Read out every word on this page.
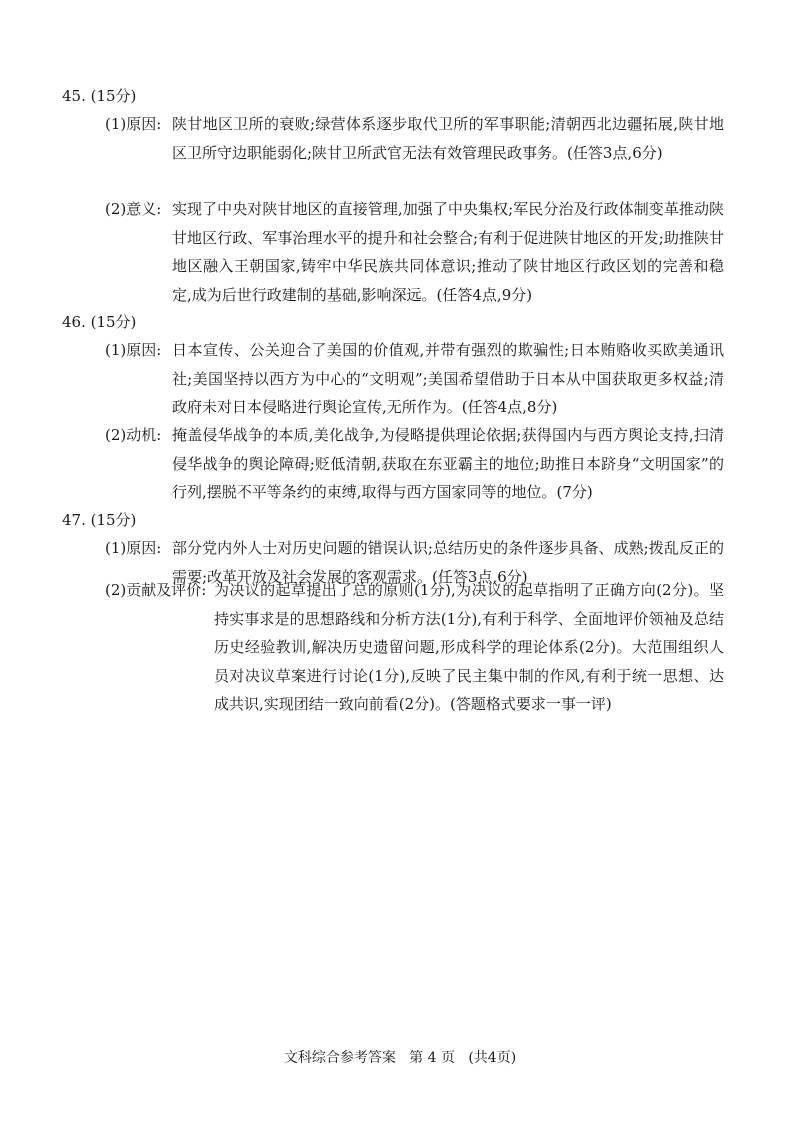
45. (15分)
(1)原因: 陕甘地区卫所的衰败;绿营体系逐步取代卫所的军事职能;清朝西北边疆拓展,陕甘地区卫所守边职能弱化;陕甘卫所武官无法有效管理民政事务。(任答3点,6分)
(2)意义: 实现了中央对陕甘地区的直接管理,加强了中央集权;军民分治及行政体制变革推动陕甘地区行政、军事治理水平的提升和社会整合;有利于促进陕甘地区的开发;助推陕甘地区融入王朝国家,铸牢中华民族共同体意识;推动了陕甘地区行政区划的完善和稳定,成为后世行政建制的基础,影响深远。(任答4点,9分)
46. (15分)
(1)原因: 日本宣传、公关迎合了美国的价值观,并带有强烈的欺骗性;日本贿赂收买欧美通讯社;美国坚持以西方为中心的“文明观”;美国希望借助于日本从中国获取更多权益;清政府未对日本侵略进行舆论宣传,无所作为。(任答4点,8分)
(2)动机: 掩盖侵华战争的本质,美化战争,为侵略提供理论依据;获得国内与西方舆论支持,扫清侵华战争的舆论障碍;贬低清朝,获取在东亚霸主的地位;助推日本跻身“文明国家”的行列,摆脱不平等条约的束缚,取得与西方国家同等的地位。(7分)
47. (15分)
(1)原因: 部分党内外人士对历史问题的错误认识;总结历史的条件逐步具备、成熟;拨乱反正的需要;改革开放及社会发展的客观需求。(任答3点,6分)
(2)贡献及评价: 为决议的起草提出了总的原则(1分),为决议的起草指明了正确方向(2分)。坚持实事求是的思想路线和分析方法(1分),有利于科学、全面地评价领袖及总结历史经验教训,解决历史遗留问题,形成科学的理论体系(2分)。大范围组织人员对决议草案进行讨论(1分),反映了民主集中制的作风,有利于统一思想、达成共识,实现团结一致向前看(2分)。(答题格式要求一事一评)
文科综合参考答案   第 4 页   (共4页)
